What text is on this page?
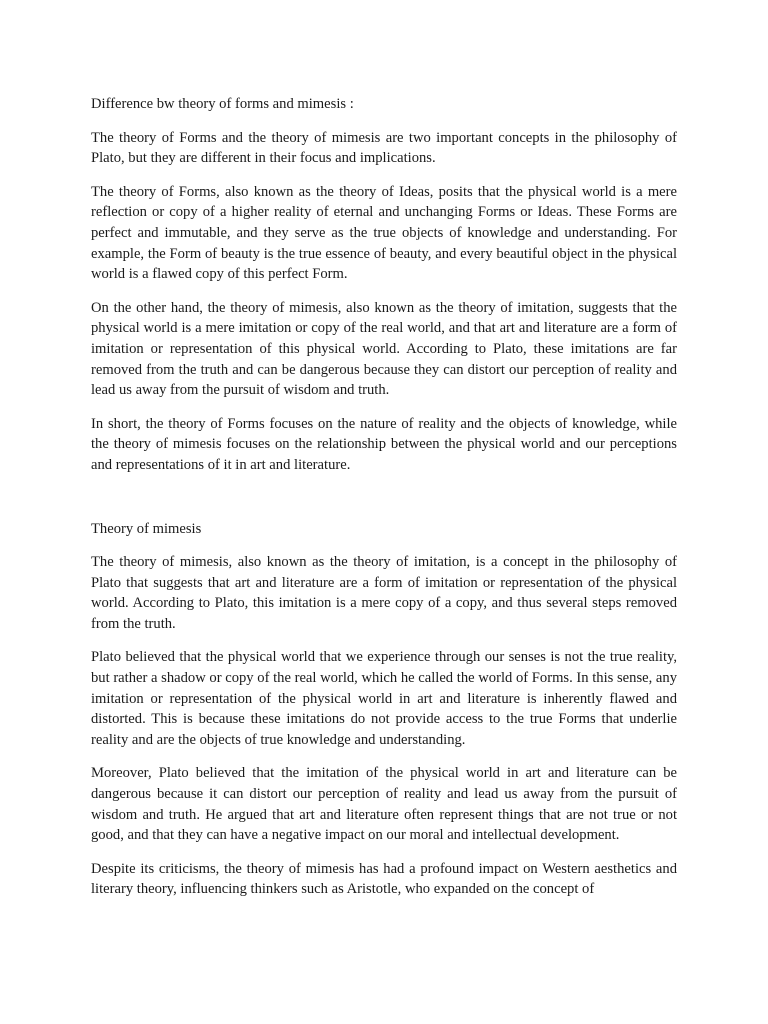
Difference bw theory of forms and mimesis :

The theory of Forms and the theory of mimesis are two important concepts in the philosophy of Plato, but they are different in their focus and implications.

The theory of Forms, also known as the theory of Ideas, posits that the physical world is a mere reflection or copy of a higher reality of eternal and unchanging Forms or Ideas. These Forms are perfect and immutable, and they serve as the true objects of knowledge and understanding. For example, the Form of beauty is the true essence of beauty, and every beautiful object in the physical world is a flawed copy of this perfect Form.

On the other hand, the theory of mimesis, also known as the theory of imitation, suggests that the physical world is a mere imitation or copy of the real world, and that art and literature are a form of imitation or representation of this physical world. According to Plato, these imitations are far removed from the truth and can be dangerous because they can distort our perception of reality and lead us away from the pursuit of wisdom and truth.

In short, the theory of Forms focuses on the nature of reality and the objects of knowledge, while the theory of mimesis focuses on the relationship between the physical world and our perceptions and representations of it in art and literature.

Theory of mimesis

The theory of mimesis, also known as the theory of imitation, is a concept in the philosophy of Plato that suggests that art and literature are a form of imitation or representation of the physical world. According to Plato, this imitation is a mere copy of a copy, and thus several steps removed from the truth.

Plato believed that the physical world that we experience through our senses is not the true reality, but rather a shadow or copy of the real world, which he called the world of Forms. In this sense, any imitation or representation of the physical world in art and literature is inherently flawed and distorted. This is because these imitations do not provide access to the true Forms that underlie reality and are the objects of true knowledge and understanding.

Moreover, Plato believed that the imitation of the physical world in art and literature can be dangerous because it can distort our perception of reality and lead us away from the pursuit of wisdom and truth. He argued that art and literature often represent things that are not true or not good, and that they can have a negative impact on our moral and intellectual development.

Despite its criticisms, the theory of mimesis has had a profound impact on Western aesthetics and literary theory, influencing thinkers such as Aristotle, who expanded on the concept of
